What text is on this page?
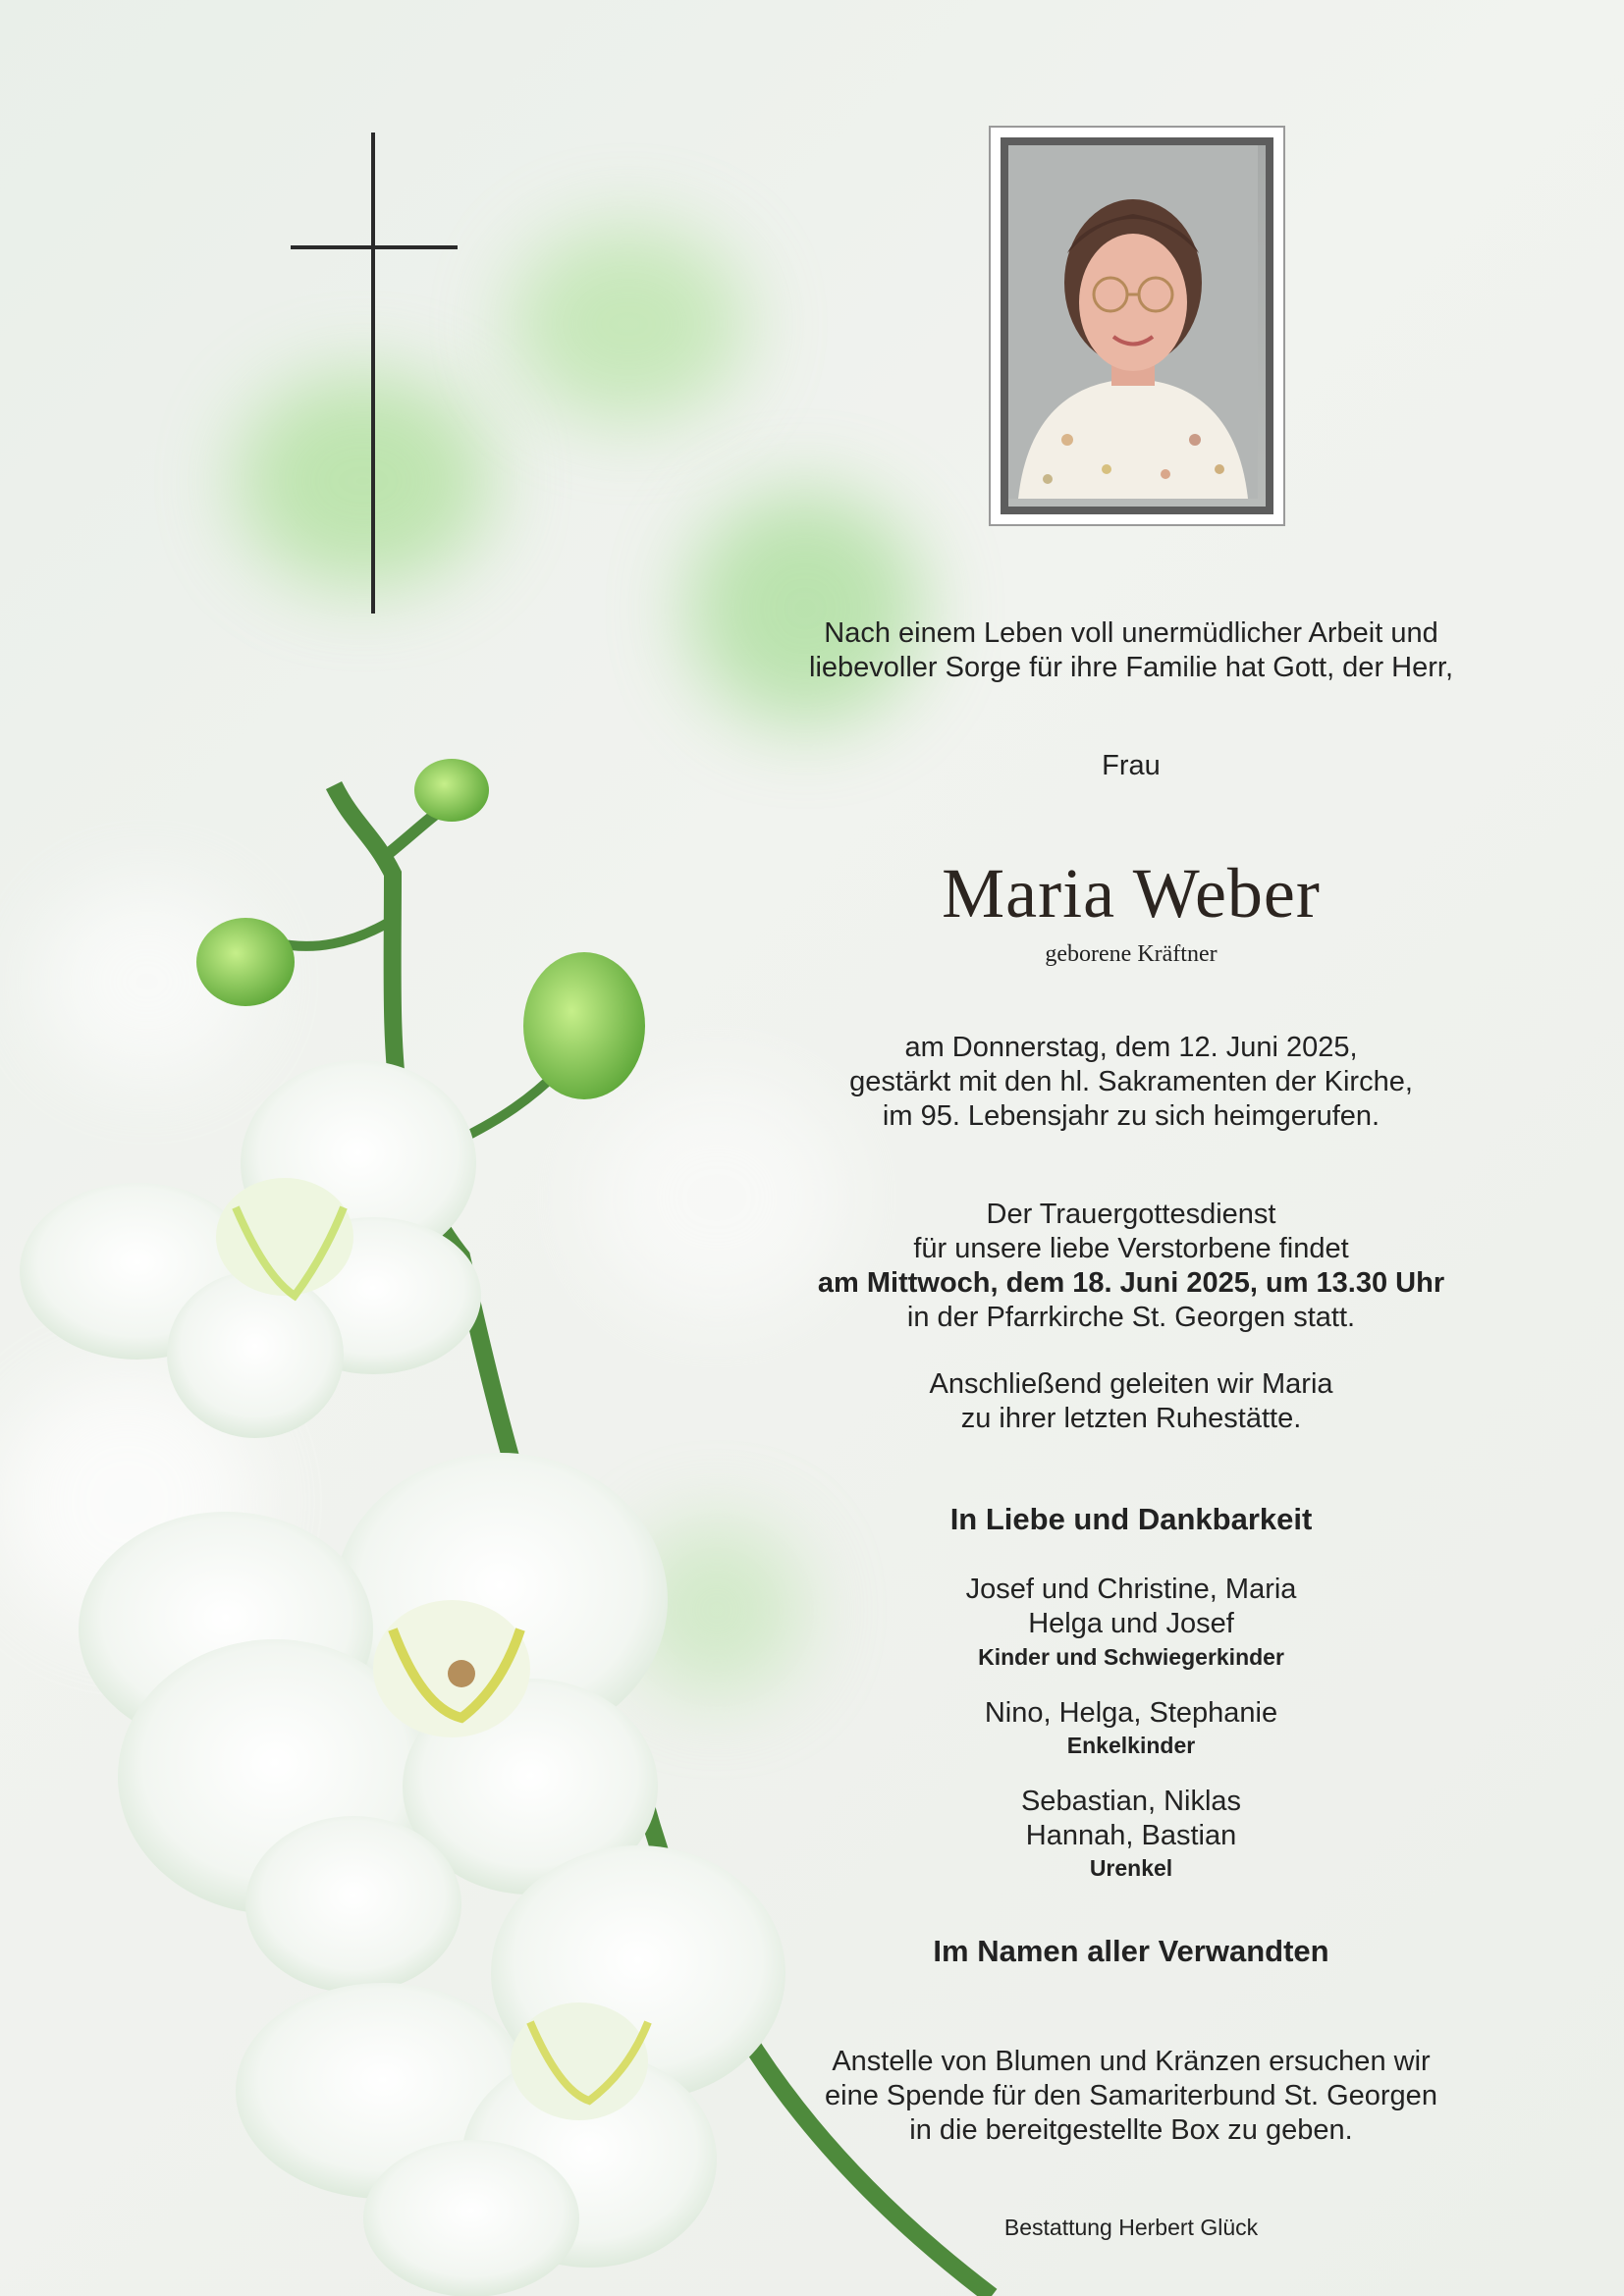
Nach einem Leben voll unermüdlicher Arbeit und
liebevoller Sorge für ihre Familie hat Gott, der Herr,
Frau
Maria Weber
geborene Kräftner
am Donnerstag, dem 12. Juni 2025,
gestärkt mit den hl. Sakramenten der Kirche,
im 95. Lebensjahr zu sich heimgerufen.
Der Trauergottesdienst
für unsere liebe Verstorbene findet
am Mittwoch, dem 18. Juni 2025, um 13.30 Uhr
in der Pfarrkirche St. Georgen statt.
Anschließend geleiten wir Maria
zu ihrer letzten Ruhestätte.
In Liebe und Dankbarkeit
Josef und Christine, Maria
Helga und Josef
Kinder und Schwiegerkinder
Nino, Helga, Stephanie
Enkelkinder
Sebastian, Niklas
Hannah, Bastian
Urenkel
Im Namen aller Verwandten
Anstelle von Blumen und Kränzen ersuchen wir
eine Spende für den Samariterbund St. Georgen
in die bereitgestellte Box zu geben.
Bestattung Herbert Glück
